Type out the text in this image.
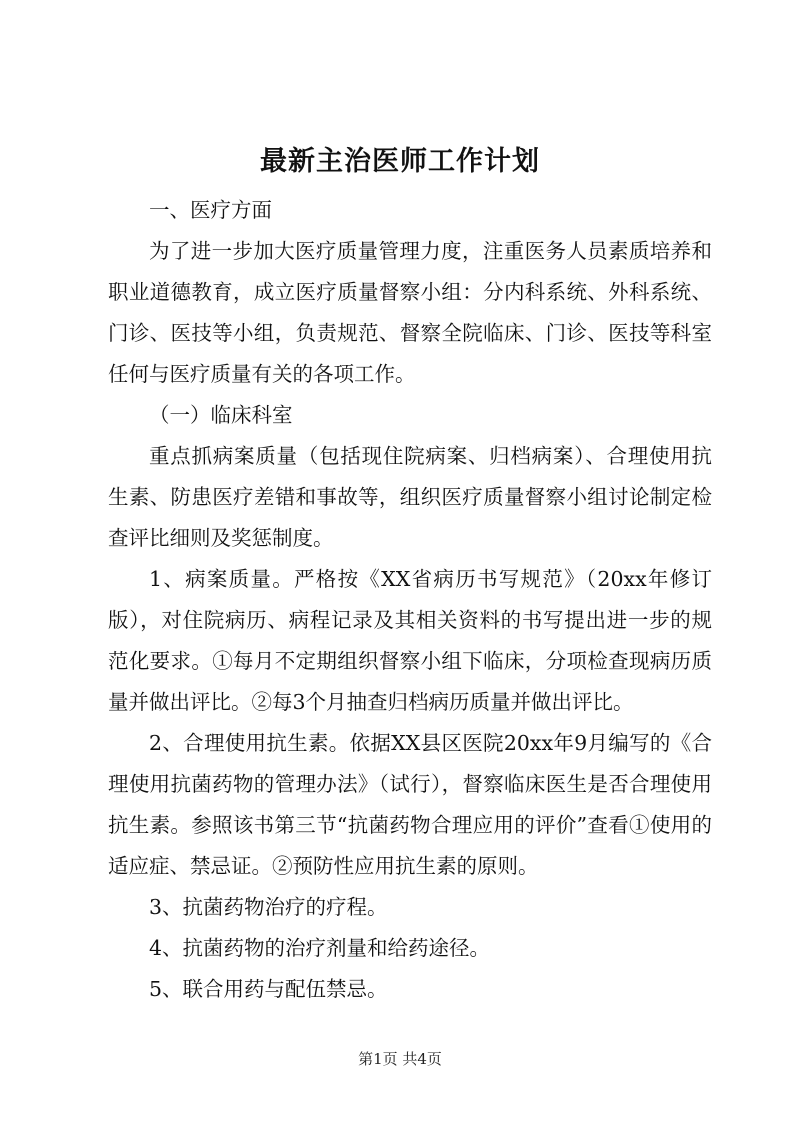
最新主治医师工作计划

一、医疗方面

为了进一步加大医疗质量管理力度，注重医务人员素质培养和职业道德教育，成立医疗质量督察小组：分内科系统、外科系统、门诊、医技等小组，负责规范、督察全院临床、门诊、医技等科室任何与医疗质量有关的各项工作。

（一）临床科室

重点抓病案质量（包括现住院病案、归档病案）、合理使用抗生素、防患医疗差错和事故等，组织医疗质量督察小组讨论制定检查评比细则及奖惩制度。

1、病案质量。严格按《XX省病历书写规范》（20xx年修订版），对住院病历、病程记录及其相关资料的书写提出进一步的规范化要求。①每月不定期组织督察小组下临床，分项检查现病历质量并做出评比。②每3个月抽查归档病历质量并做出评比。

2、合理使用抗生素。依据XX县区医院20xx年9月编写的《合理使用抗菌药物的管理办法》（试行），督察临床医生是否合理使用抗生素。参照该书第三节“抗菌药物合理应用的评价”查看①使用的适应症、禁忌证。②预防性应用抗生素的原则。

3、抗菌药物治疗的疗程。

4、抗菌药物的治疗剂量和给药途径。

5、联合用药与配伍禁忌。

第1页 共4页
